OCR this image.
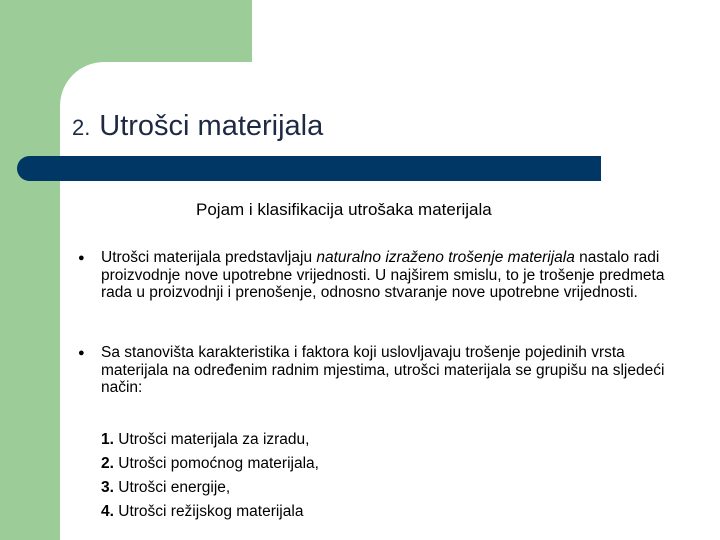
2. Utrošci materijala
Pojam i klasifikacija utrošaka materijala
●	Utrošci materijala predstavljaju naturalno izraženo trošenje materijala nastalo radi proizvodnje nove upotrebne vrijednosti. U najširem smislu, to je trošenje predmeta rada u proizvodnji i prenošenje, odnosno stvaranje nove upotrebne vrijednosti.
●	Sa stanovišta karakteristika i faktora koji uslovljavaju trošenje pojedinih vrsta materijala na određenim radnim mjestima, utrošci materijala se grupišu na sljedeći način:
1. Utrošci materijala za izradu,
2. Utrošci pomoćnog materijala,
3. Utrošci energije,
4. Utrošci režijskog materijala
